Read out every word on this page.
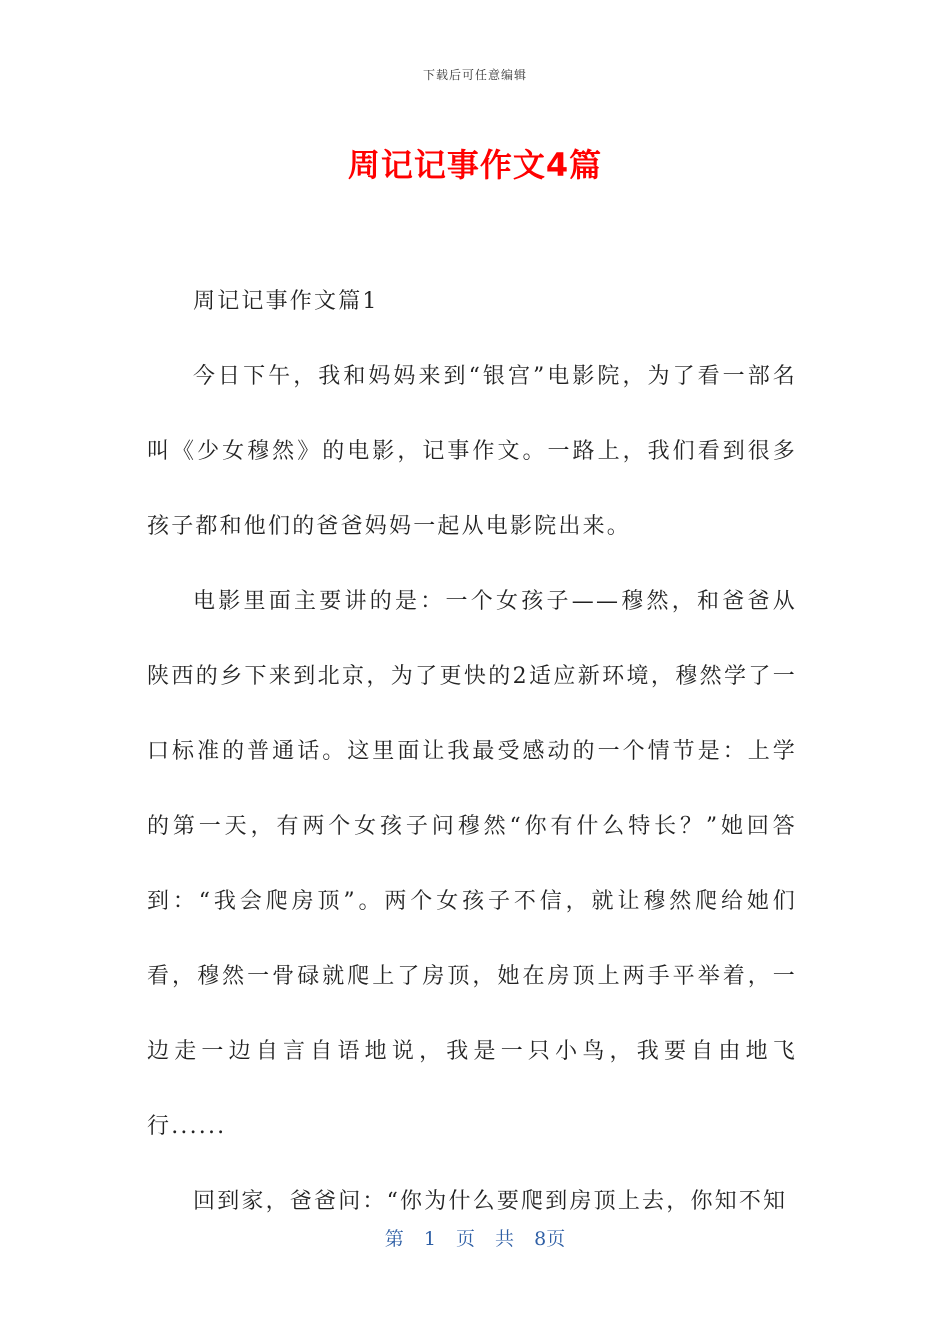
下载后可任意编辑
周记记事作文4篇

周记记事作文篇1

今日下午，我和妈妈来到“银宫”电影院，为了看一部名叫《少女穆然》的电影，记事作文。一路上，我们看到很多孩子都和他们的爸爸妈妈一起从电影院出来。

电影里面主要讲的是：一个女孩子——穆然，和爸爸从陕西的乡下来到北京，为了更快的2适应新环境，穆然学了一口标准的普通话。这里面让我最受感动的一个情节是：上学的第一天，有两个女孩子问穆然“你有什么特长？”她回答到：“我会爬房顶”。两个女孩子不信，就让穆然爬给她们看，穆然一骨碌就爬上了房顶，她在房顶上两手平举着，一边走一边自言自语地说，我是一只小鸟，我要自由地飞行......

回到家，爸爸问：“你为什么要爬到房顶上去，你知不知

第 1 页 共 8页
